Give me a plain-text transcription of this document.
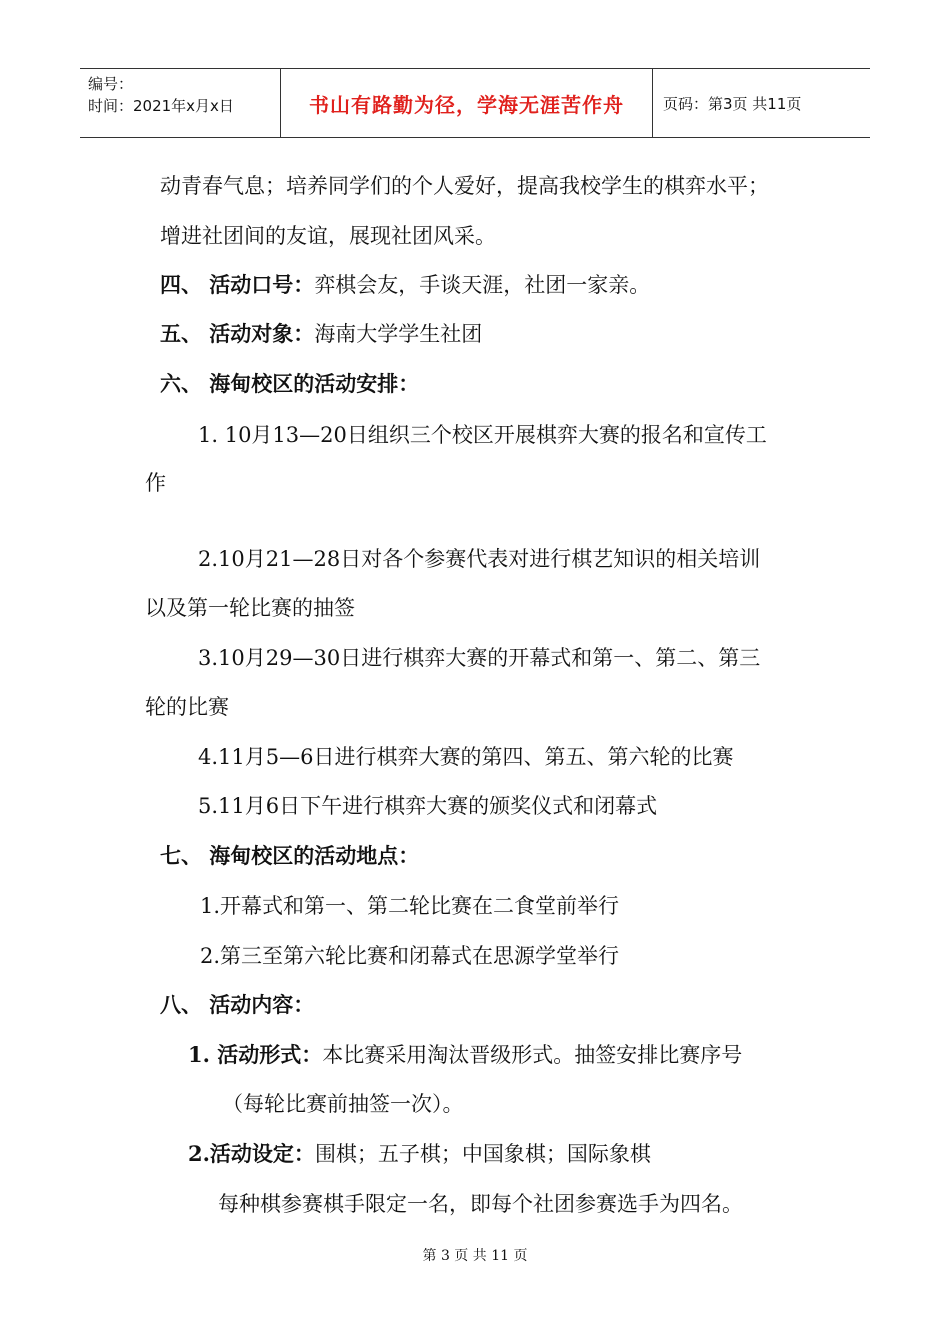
编号：
时间：2021年x月x日	书山有路勤为径，学海无涯苦作舟	页码：第3页 共11页
动青春气息；培养同学们的个人爱好，提高我校学生的棋弈水平；
增进社团间的友谊，展现社团风采。
四、 活动口号：弈棋会友，手谈天涯，社团一家亲。
五、 活动对象：海南大学学生社团
六、 海甸校区的活动安排：
1. 10月13—20日组织三个校区开展棋弈大赛的报名和宣传工
作
2.10月21—28日对各个参赛代表对进行棋艺知识的相关培训
以及第一轮比赛的抽签
3.10月29—30日进行棋弈大赛的开幕式和第一、第二、第三
轮的比赛
4.11月5—6日进行棋弈大赛的第四、第五、第六轮的比赛
5.11月6日下午进行棋弈大赛的颁奖仪式和闭幕式
七、 海甸校区的活动地点：
1.开幕式和第一、第二轮比赛在二食堂前举行
2.第三至第六轮比赛和闭幕式在思源学堂举行
八、 活动内容：
1. 活动形式：本比赛采用淘汰晋级形式。抽签安排比赛序号
（每轮比赛前抽签一次）。
2.活动设定：围棋；五子棋；中国象棋；国际象棋
每种棋参赛棋手限定一名，即每个社团参赛选手为四名。
第 3 页 共 11 页
